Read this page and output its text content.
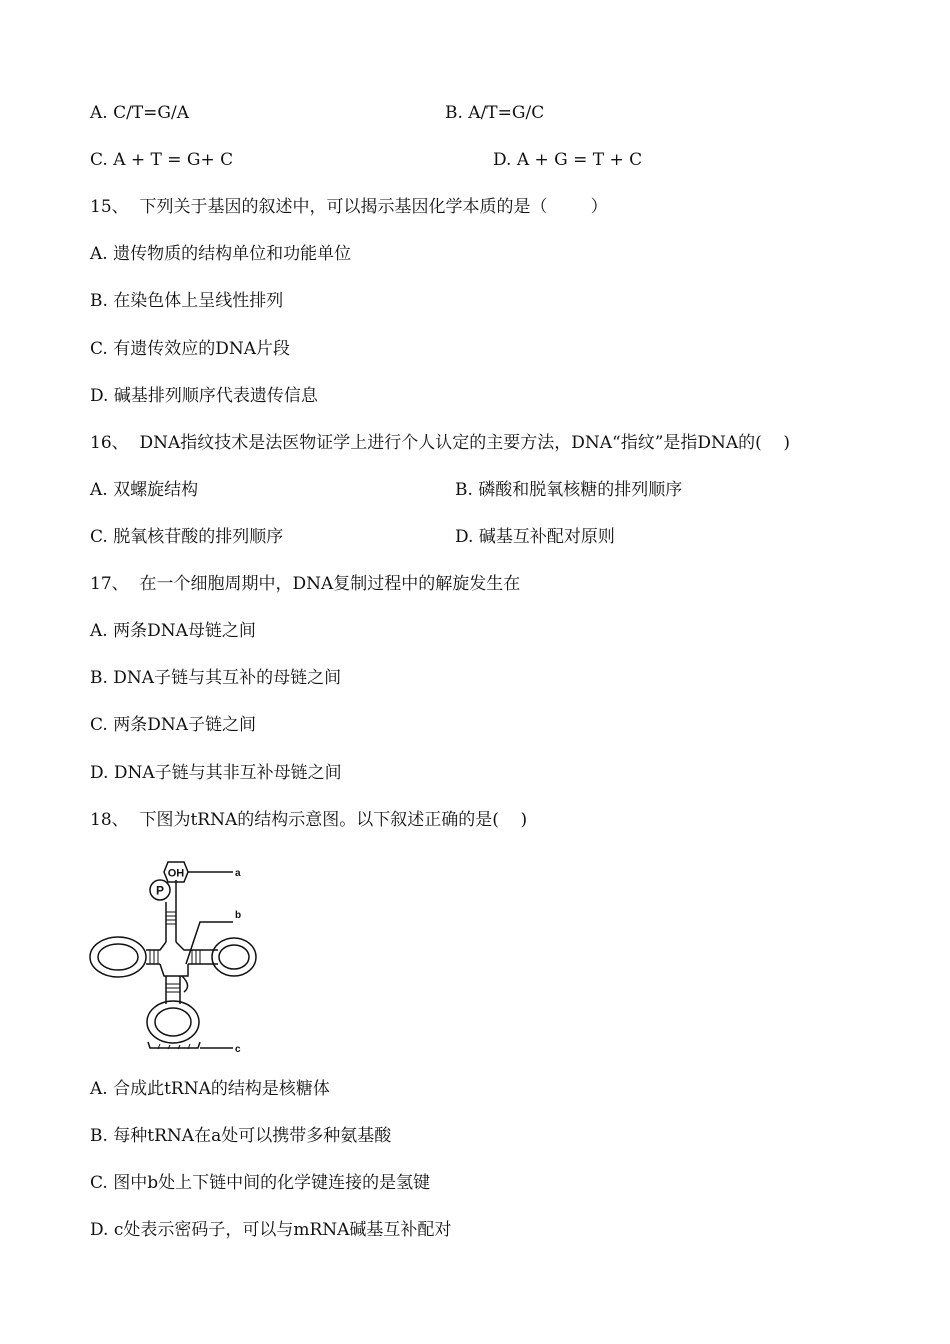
A. C/T=G/A	B. A/T=G/C
C. A + T = G+ C	D. A + G = T + C
15、  下列关于基因的叙述中，可以揭示基因化学本质的是（        ）
A. 遗传物质的结构单位和功能单位
B. 在染色体上呈线性排列
C. 有遗传效应的DNA片段
D. 碱基排列顺序代表遗传信息
16、  DNA指纹技术是法医物证学上进行个人认定的主要方法，DNA“指纹”是指DNA的(    )
A. 双螺旋结构	B. 磷酸和脱氧核糖的排列顺序
C. 脱氧核苷酸的排列顺序	D. 碱基互补配对原则
17、  在一个细胞周期中，DNA复制过程中的解旋发生在
A. 两条DNA母链之间
B. DNA子链与其互补的母链之间
C. 两条DNA子链之间
D. DNA子链与其非互补母链之间
18、  下图为tRNA的结构示意图。以下叙述正确的是(    )
OH
P
a
b
c
A. 合成此tRNA的结构是核糖体
B. 每种tRNA在a处可以携带多种氨基酸
C. 图中b处上下链中间的化学键连接的是氢键
D. c处表示密码子，可以与mRNA碱基互补配对
